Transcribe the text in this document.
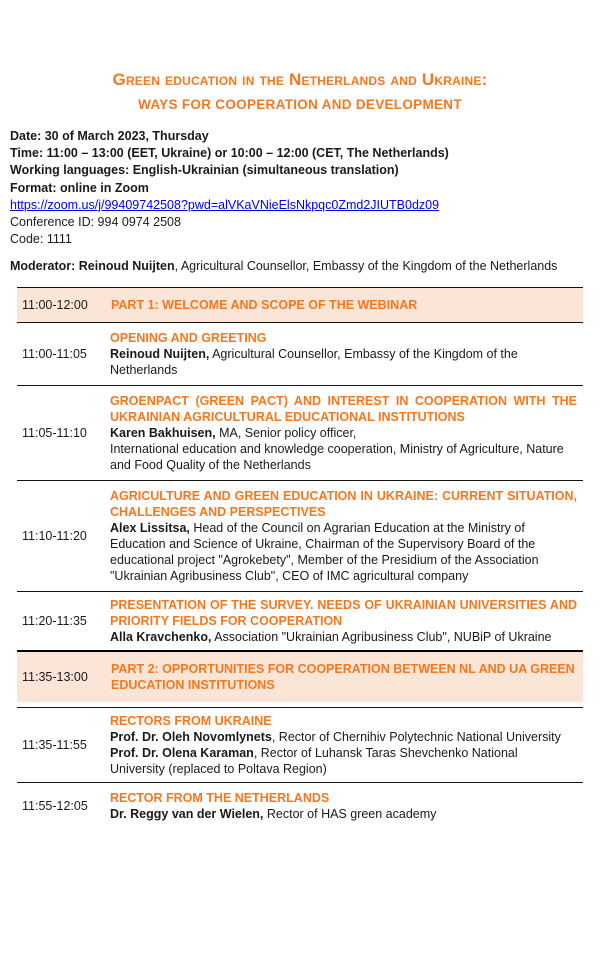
Green education in the Netherlands and Ukraine:
WAYS FOR COOPERATION AND DEVELOPMENT

Date: 30 of March 2023, Thursday

Time: 11:00 – 13:00 (EET, Ukraine) or 10:00 – 12:00 (CET, The Netherlands)

Working languages: English-Ukrainian (simultaneous translation)

Format: online in Zoom

https://zoom.us/j/99409742508?pwd=alVKaVNieElsNkpqc0Zmd2JIUTB0dz09

Conference ID: 994 0974 2508

Code: 1111

Moderator: Reinoud Nuijten, Agricultural Counsellor, Embassy of the Kingdom of the Netherlands

11:00-12:00	PART 1: WELCOME AND SCOPE OF THE WEBINAR

11:00-11:05

OPENING AND GREETING

Reinoud Nuijten, Agricultural Counsellor, Embassy of the Kingdom of the Netherlands

11:05-11:10

GROENPACT (GREEN PACT) AND INTEREST IN COOPERATION WITH THE UKRAINIAN AGRICULTURAL EDUCATIONAL INSTITUTIONS

Karen Bakhuisen, MA, Senior policy officer,

International education and knowledge cooperation, Ministry of Agriculture, Nature and Food Quality of the Netherlands

11:10-11:20

AGRICULTURE AND GREEN EDUCATION IN UKRAINE: CURRENT SITUATION, CHALLENGES AND PERSPECTIVES

Alex Lissitsa, Head of the Council on Agrarian Education at the Ministry of Education and Science of Ukraine, Chairman of the Supervisory Board of the educational project "Agrokebety", Member of the Presidium of the Association "Ukrainian Agribusiness Club", CEO of IMC agricultural company

11:20-11:35

PRESENTATION OF THE SURVEY. NEEDS OF UKRAINIAN UNIVERSITIES AND PRIORITY FIELDS FOR COOPERATION

Alla Kravchenko, Association "Ukrainian Agribusiness Club", NUBiP of Ukraine

11:35-13:00

PART 2: OPPORTUNITIES FOR COOPERATION BETWEEN NL AND UA GREEN EDUCATION INSTITUTIONS

11:35-11:55

RECTORS FROM UKRAINE

Prof. Dr. Oleh Novomlynets, Rector of Chernihiv Polytechnic National University

Prof. Dr. Olena Karaman, Rector of Luhansk Taras Shevchenko National

University (replaced to Poltava Region)

11:55-12:05

RECTOR FROM THE NETHERLANDS

Dr. Reggy van der Wielen, Rector of HAS green academy
